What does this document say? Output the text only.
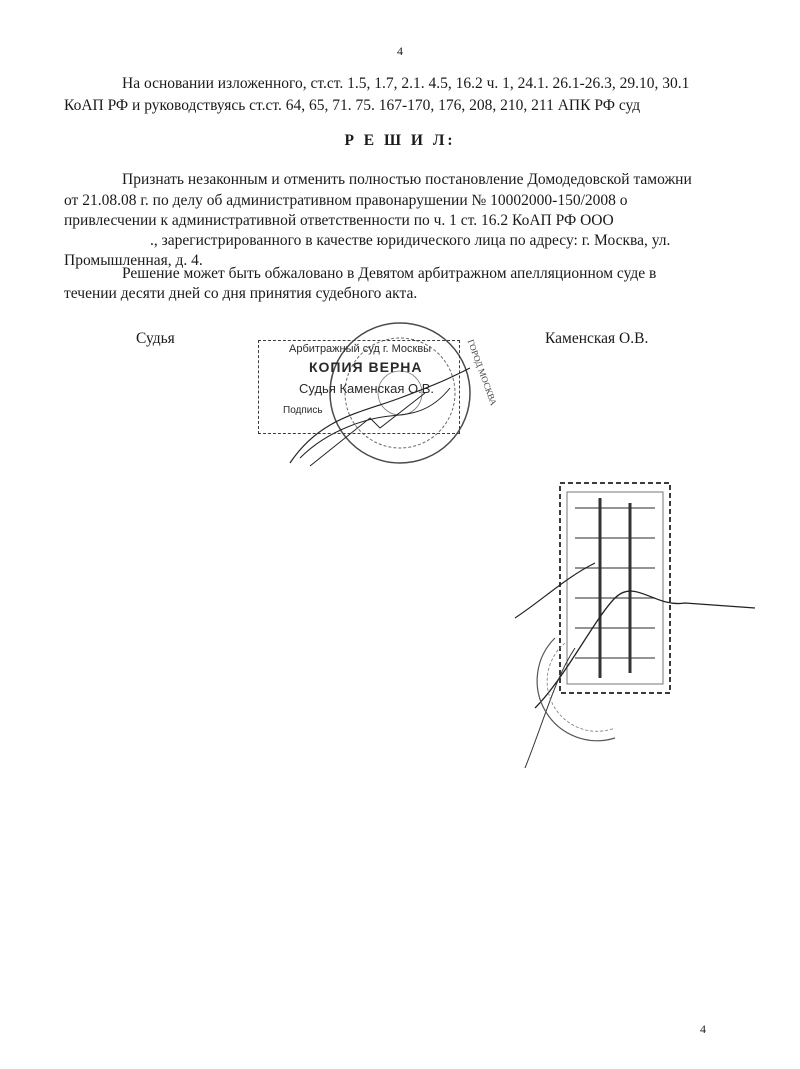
4
На основании изложенного, ст.ст. 1.5, 1.7, 2.1. 4.5, 16.2 ч. 1, 24.1. 26.1-26.3, 29.10, 30.1
КоАП РФ и руководствуясь ст.ст. 64, 65, 71. 75. 167-170, 176, 208, 210, 211 АПК РФ суд
Р Е Ш И Л:
Признать незаконным и отменить полностью постановление Домодедовской таможни
от 21.08.08 г. по делу об административном правонарушении № 10002000-150/2008 о
привлесчении к административной ответственности по ч. 1 ст. 16.2 КоАП РФ ООО
., зарегистрированного в качестве юридического лица по адресу: г. Москва, ул.
Промышленная, д. 4.
Решение может быть обжаловано в Девятом арбитражном апелляционном суде в
течении десяти дней со дня принятия судебного акта.
Судья	Каменская О.В.
Арбитражный суд г. Москвы
КОПИЯ ВЕРНА
Судья Каменская О.В.
Подпись
ГОРОД МОСКВА
4
